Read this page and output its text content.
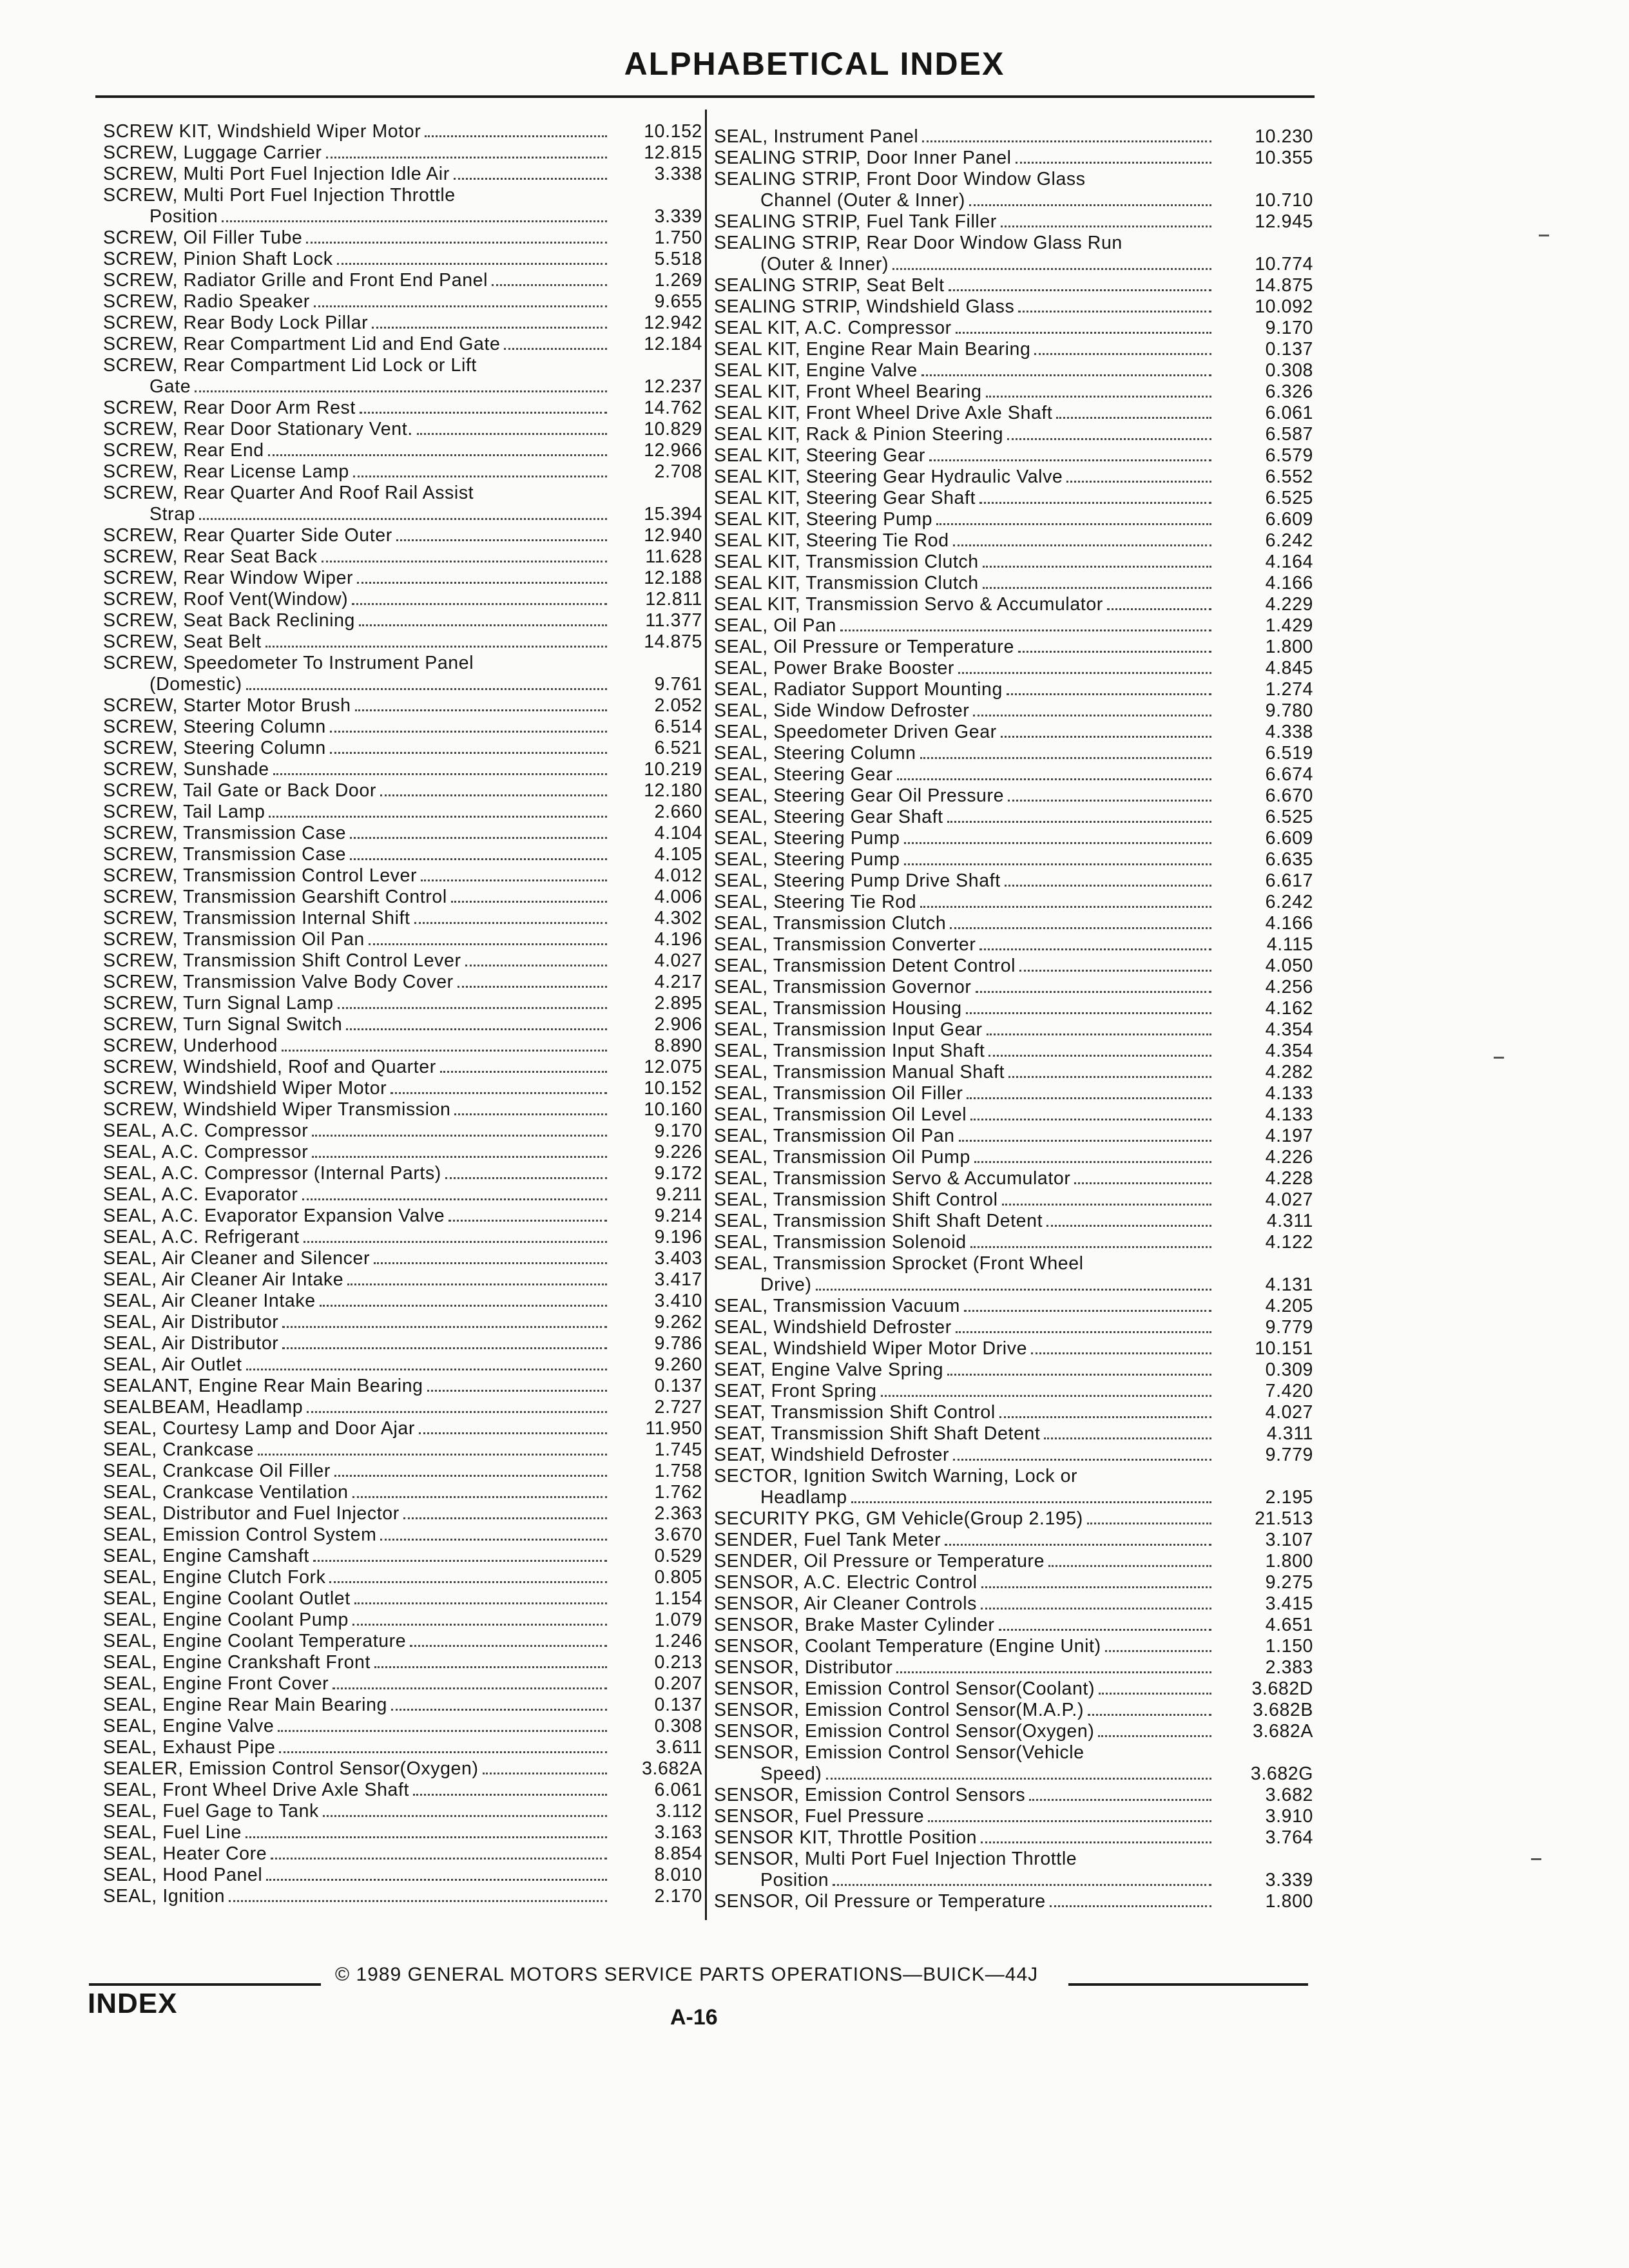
ALPHABETICAL INDEX
SCREW KIT, Windshield Wiper Motor	10.152
SCREW, Luggage Carrier	12.815
SCREW, Multi Port Fuel Injection Idle Air	3.338
SCREW, Multi Port Fuel Injection Throttle
Position	3.339
SCREW, Oil Filler Tube	1.750
SCREW, Pinion Shaft Lock	5.518
SCREW, Radiator Grille and Front End Panel	1.269
SCREW, Radio Speaker	9.655
SCREW, Rear Body Lock Pillar	12.942
SCREW, Rear Compartment Lid and End Gate	12.184
SCREW, Rear Compartment Lid Lock or Lift
Gate	12.237
SCREW, Rear Door Arm Rest	14.762
SCREW, Rear Door Stationary Vent.	10.829
SCREW, Rear End	12.966
SCREW, Rear License Lamp	2.708
SCREW, Rear Quarter And Roof Rail Assist
Strap	15.394
SCREW, Rear Quarter Side Outer	12.940
SCREW, Rear Seat Back	11.628
SCREW, Rear Window Wiper	12.188
SCREW, Roof Vent(Window)	12.811
SCREW, Seat Back Reclining	11.377
SCREW, Seat Belt	14.875
SCREW, Speedometer To Instrument Panel
(Domestic)	9.761
SCREW, Starter Motor Brush	2.052
SCREW, Steering Column	6.514
SCREW, Steering Column	6.521
SCREW, Sunshade	10.219
SCREW, Tail Gate or Back Door	12.180
SCREW, Tail Lamp	2.660
SCREW, Transmission Case	4.104
SCREW, Transmission Case	4.105
SCREW, Transmission Control Lever	4.012
SCREW, Transmission Gearshift Control	4.006
SCREW, Transmission Internal Shift	4.302
SCREW, Transmission Oil Pan	4.196
SCREW, Transmission Shift Control Lever	4.027
SCREW, Transmission Valve Body Cover	4.217
SCREW, Turn Signal Lamp	2.895
SCREW, Turn Signal Switch	2.906
SCREW, Underhood	8.890
SCREW, Windshield, Roof and Quarter	12.075
SCREW, Windshield Wiper Motor	10.152
SCREW, Windshield Wiper Transmission	10.160
SEAL, A.C. Compressor	9.170
SEAL, A.C. Compressor	9.226
SEAL, A.C. Compressor (Internal Parts)	9.172
SEAL, A.C. Evaporator	9.211
SEAL, A.C. Evaporator Expansion Valve	9.214
SEAL, A.C. Refrigerant	9.196
SEAL, Air Cleaner and Silencer	3.403
SEAL, Air Cleaner Air Intake	3.417
SEAL, Air Cleaner Intake	3.410
SEAL, Air Distributor	9.262
SEAL, Air Distributor	9.786
SEAL, Air Outlet	9.260
SEALANT, Engine Rear Main Bearing	0.137
SEALBEAM, Headlamp	2.727
SEAL, Courtesy Lamp and Door Ajar	11.950
SEAL, Crankcase	1.745
SEAL, Crankcase Oil Filler	1.758
SEAL, Crankcase Ventilation	1.762
SEAL, Distributor and Fuel Injector	2.363
SEAL, Emission Control System	3.670
SEAL, Engine Camshaft	0.529
SEAL, Engine Clutch Fork	0.805
SEAL, Engine Coolant Outlet	1.154
SEAL, Engine Coolant Pump	1.079
SEAL, Engine Coolant Temperature	1.246
SEAL, Engine Crankshaft Front	0.213
SEAL, Engine Front Cover	0.207
SEAL, Engine Rear Main Bearing	0.137
SEAL, Engine Valve	0.308
SEAL, Exhaust Pipe	3.611
SEALER, Emission Control Sensor(Oxygen)	3.682A
SEAL, Front Wheel Drive Axle Shaft	6.061
SEAL, Fuel Gage to Tank	3.112
SEAL, Fuel Line	3.163
SEAL, Heater Core	8.854
SEAL, Hood Panel	8.010
SEAL, Ignition	2.170
SEAL, Instrument Panel	10.230
SEALING STRIP, Door Inner Panel	10.355
SEALING STRIP, Front Door Window Glass
Channel (Outer & Inner)	10.710
SEALING STRIP, Fuel Tank Filler	12.945
SEALING STRIP, Rear Door Window Glass Run
(Outer & Inner)	10.774
SEALING STRIP, Seat Belt	14.875
SEALING STRIP, Windshield Glass	10.092
SEAL KIT, A.C. Compressor	9.170
SEAL KIT, Engine Rear Main Bearing	0.137
SEAL KIT, Engine Valve	0.308
SEAL KIT, Front Wheel Bearing	6.326
SEAL KIT, Front Wheel Drive Axle Shaft	6.061
SEAL KIT, Rack & Pinion Steering	6.587
SEAL KIT, Steering Gear	6.579
SEAL KIT, Steering Gear Hydraulic Valve	6.552
SEAL KIT, Steering Gear Shaft	6.525
SEAL KIT, Steering Pump	6.609
SEAL KIT, Steering Tie Rod	6.242
SEAL KIT, Transmission Clutch	4.164
SEAL KIT, Transmission Clutch	4.166
SEAL KIT, Transmission Servo & Accumulator	4.229
SEAL, Oil Pan	1.429
SEAL, Oil Pressure or Temperature	1.800
SEAL, Power Brake Booster	4.845
SEAL, Radiator Support Mounting	1.274
SEAL, Side Window Defroster	9.780
SEAL, Speedometer Driven Gear	4.338
SEAL, Steering Column	6.519
SEAL, Steering Gear	6.674
SEAL, Steering Gear Oil Pressure	6.670
SEAL, Steering Gear Shaft	6.525
SEAL, Steering Pump	6.609
SEAL, Steering Pump	6.635
SEAL, Steering Pump Drive Shaft	6.617
SEAL, Steering Tie Rod	6.242
SEAL, Transmission Clutch	4.166
SEAL, Transmission Converter	4.115
SEAL, Transmission Detent Control	4.050
SEAL, Transmission Governor	4.256
SEAL, Transmission Housing	4.162
SEAL, Transmission Input Gear	4.354
SEAL, Transmission Input Shaft	4.354
SEAL, Transmission Manual Shaft	4.282
SEAL, Transmission Oil Filler	4.133
SEAL, Transmission Oil Level	4.133
SEAL, Transmission Oil Pan	4.197
SEAL, Transmission Oil Pump	4.226
SEAL, Transmission Servo & Accumulator	4.228
SEAL, Transmission Shift Control	4.027
SEAL, Transmission Shift Shaft Detent	4.311
SEAL, Transmission Solenoid	4.122
SEAL, Transmission Sprocket (Front Wheel
Drive)	4.131
SEAL, Transmission Vacuum	4.205
SEAL, Windshield Defroster	9.779
SEAL, Windshield Wiper Motor Drive	10.151
SEAT, Engine Valve Spring	0.309
SEAT, Front Spring	7.420
SEAT, Transmission Shift Control	4.027
SEAT, Transmission Shift Shaft Detent	4.311
SEAT, Windshield Defroster	9.779
SECTOR, Ignition Switch Warning, Lock or
Headlamp	2.195
SECURITY PKG, GM Vehicle(Group 2.195)	21.513
SENDER, Fuel Tank Meter	3.107
SENDER, Oil Pressure or Temperature	1.800
SENSOR, A.C. Electric Control	9.275
SENSOR, Air Cleaner Controls	3.415
SENSOR, Brake Master Cylinder	4.651
SENSOR, Coolant Temperature (Engine Unit)	1.150
SENSOR, Distributor	2.383
SENSOR, Emission Control Sensor(Coolant)	3.682D
SENSOR, Emission Control Sensor(M.A.P.)	3.682B
SENSOR, Emission Control Sensor(Oxygen)	3.682A
SENSOR, Emission Control Sensor(Vehicle
Speed)	3.682G
SENSOR, Emission Control Sensors	3.682
SENSOR, Fuel Pressure	3.910
SENSOR KIT, Throttle Position	3.764
SENSOR, Multi Port Fuel Injection Throttle
Position	3.339
SENSOR, Oil Pressure or Temperature	1.800
© 1989 GENERAL MOTORS SERVICE PARTS OPERATIONS—BUICK—44J
INDEX	A-16
